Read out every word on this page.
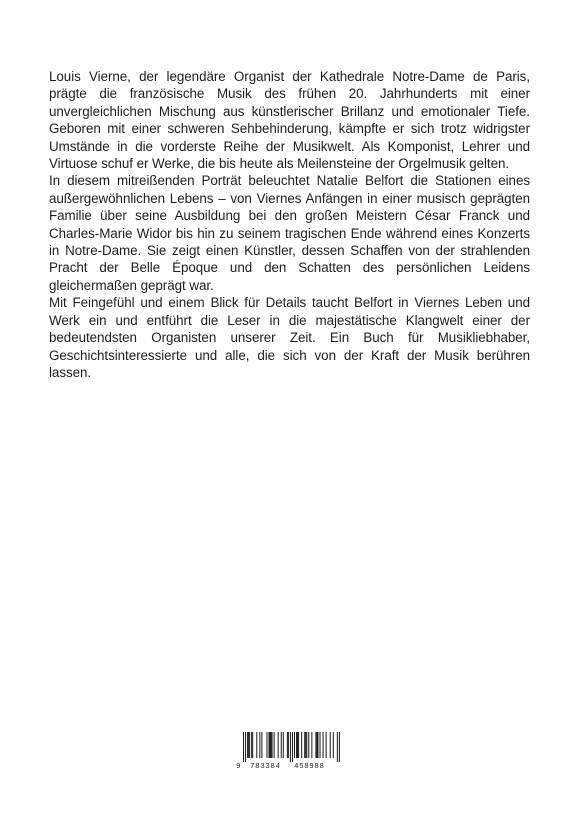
Louis Vierne, der legendäre Organist der Kathedrale Notre-Dame de Paris, prägte die französische Musik des frühen 20. Jahrhunderts mit einer unvergleichlichen Mischung aus künstlerischer Brillanz und emotionaler Tiefe. Geboren mit einer schweren Sehbehinderung, kämpfte er sich trotz widrigster Umstände in die vorderste Reihe der Musikwelt. Als Komponist, Lehrer und Virtuose schuf er Werke, die bis heute als Meilensteine der Orgelmusik gelten.

In diesem mitreißenden Porträt beleuchtet Natalie Belfort die Stationen eines außergewöhnlichen Lebens – von Viernes Anfängen in einer musisch geprägten Familie über seine Ausbildung bei den großen Meistern César Franck und Charles-Marie Widor bis hin zu seinem tragischen Ende während eines Konzerts in Notre-Dame. Sie zeigt einen Künstler, dessen Schaffen von der strahlenden Pracht der Belle Époque und den Schatten des persönlichen Leidens gleichermaßen geprägt war.

Mit Feingefühl und einem Blick für Details taucht Belfort in Viernes Leben und Werk ein und entführt die Leser in die majestätische Klangwelt einer der bedeutendsten Organisten unserer Zeit. Ein Buch für Musikliebhaber, Geschichtsinteressierte und alle, die sich von der Kraft der Musik berühren lassen.

9 783384 458988
